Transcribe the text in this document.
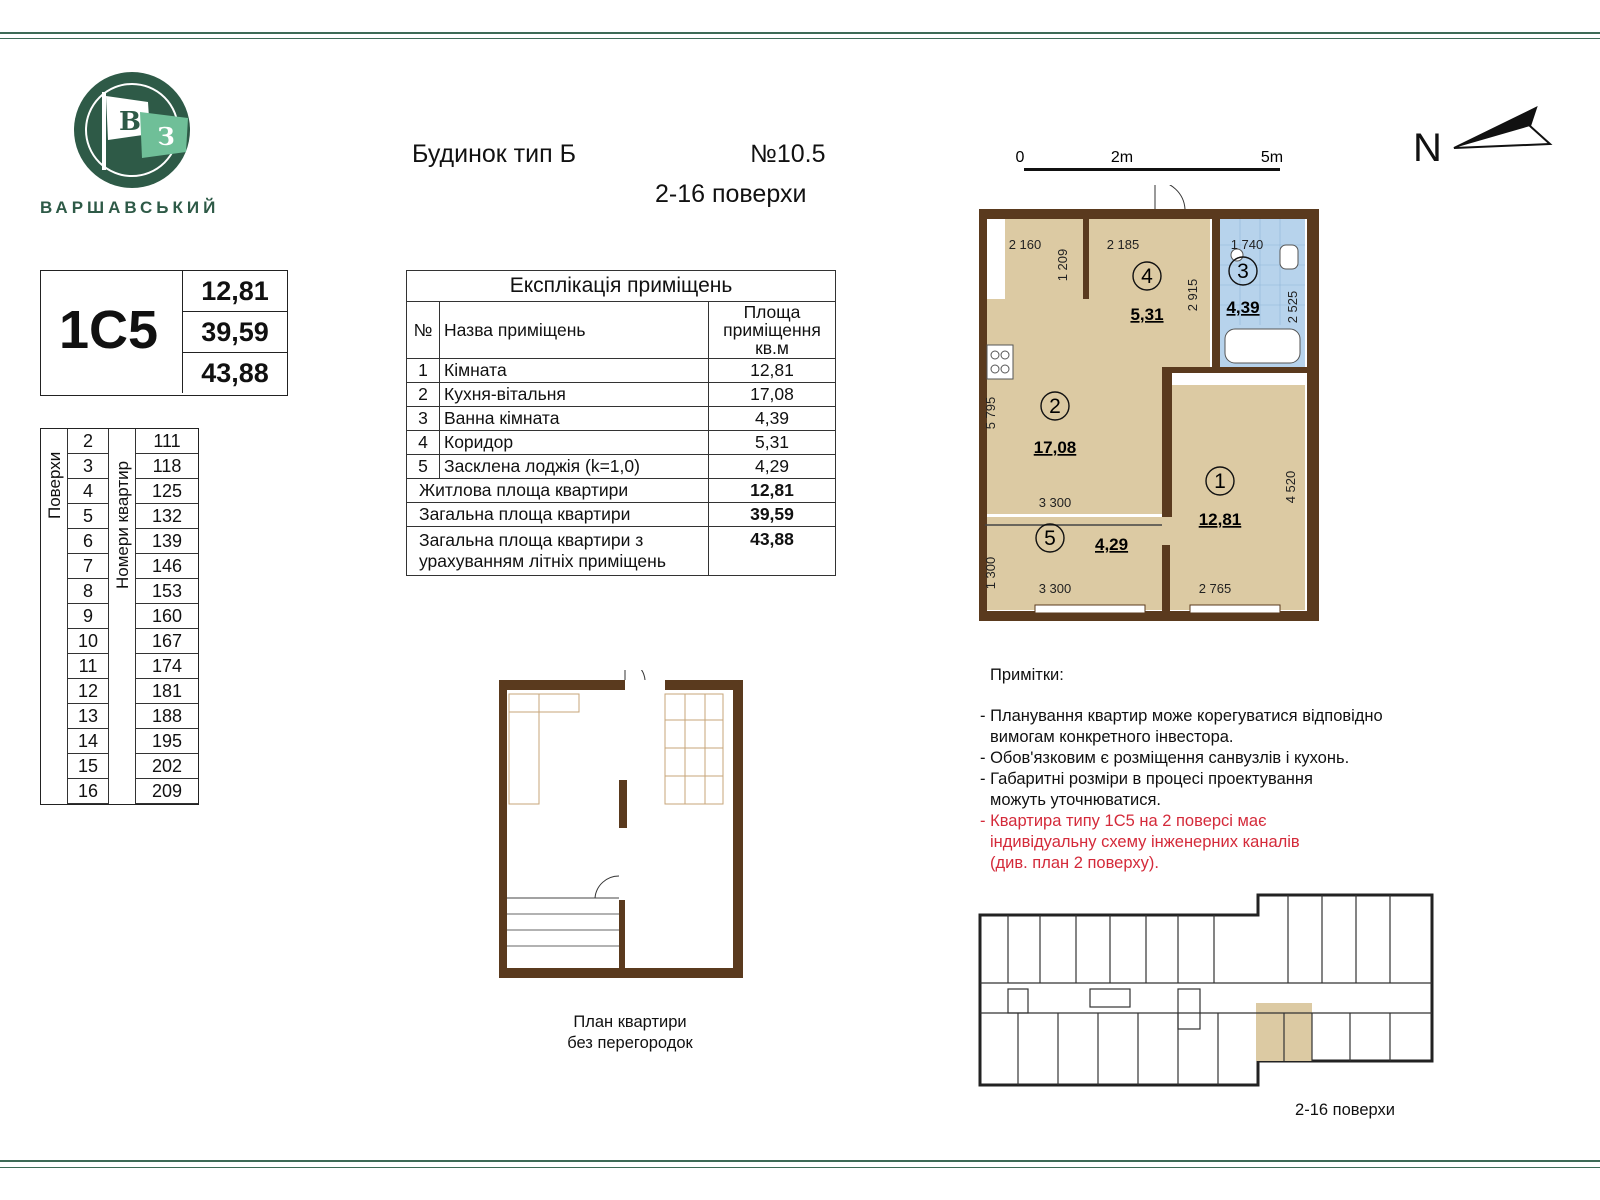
В З
ВАРШАВСЬКИЙ
Будинок тип Б	№10.5
2-16 поверхи
1С5
12,81
39,59
43,88
Експлікація приміщень		
№	Назва приміщень	Площа приміщення кв.м
1	Кімната	12,81
2	Кухня-вітальня	17,08
3	Ванна кімната	4,39
4	Коридор	5,31
5	Засклена лоджія (k=1,0)	4,29
Житлова площа квартири		12,81
Загальна площа квартири		39,59
Загальна площа квартири з урахуванням літніх приміщень		43,88
Поверхи	Номери квартир
2	111
3	118
4	125
5	132
6	139
7	146
8	153
9	160
10	167
11	174
12	181
13	188
14	195
15	202
16	209
0	2m	5m	N
1
12,81
2
17,08
3
4,39
4
5,31
5 4,29
2 160
1 209
2 185	1 740
2 915	2 525
5 795
4 520
3 300
3 300
1 300	2 765
План квартири
без перегородок
Примітки:
- Планування квартир може корегуватися відповідно
вимогам конкретного інвестора.
- Обов'язковим є розміщення санвузлів і кухонь.
- Габаритні розміри в процесі проектування
можуть уточнюватися.
- Квартира типу 1С5 на 2 поверсі має
індивідуальну схему інженерних каналів
(див. план 2 поверху).
2-16 поверхи
